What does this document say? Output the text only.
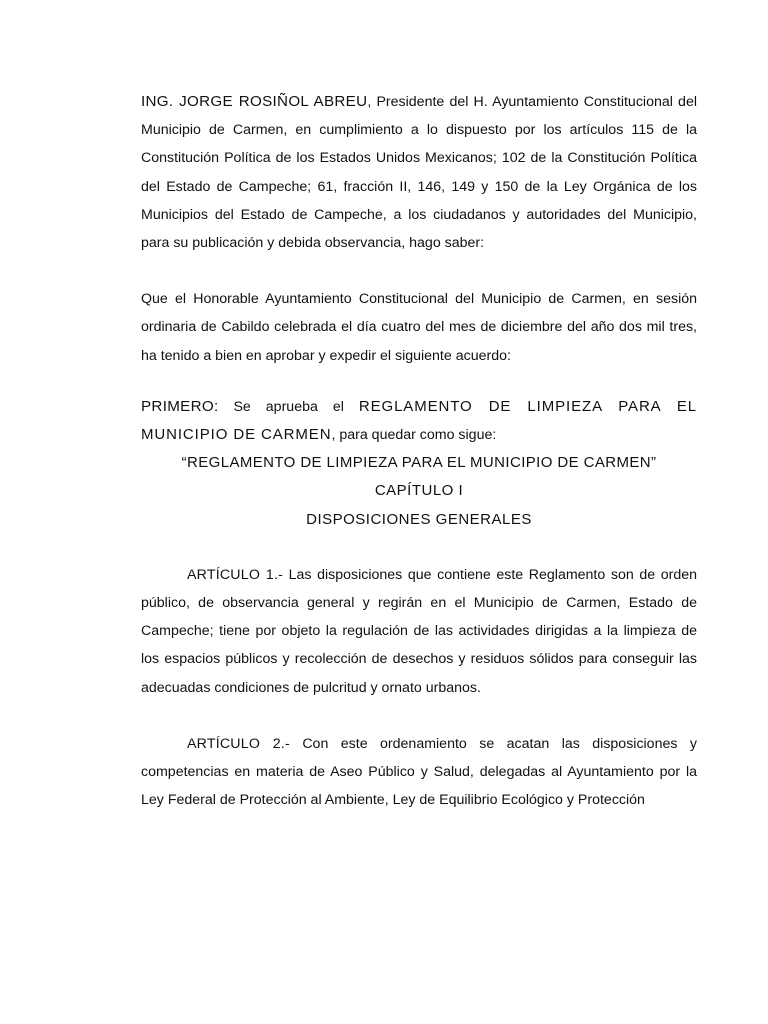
ING. JORGE ROSIÑOL ABREU, Presidente del H. Ayuntamiento Constitucional del Municipio de Carmen, en cumplimiento a lo dispuesto por los artículos 115 de la Constitución Política de los Estados Unidos Mexicanos; 102 de la Constitución Política del Estado de Campeche; 61, fracción II, 146, 149 y 150 de la Ley Orgánica de los Municipios del Estado de Campeche, a los ciudadanos y autoridades del Municipio, para su publicación y debida observancia, hago saber:

Que el Honorable Ayuntamiento Constitucional del Municipio de Carmen, en sesión ordinaria de Cabildo celebrada el día cuatro del mes de diciembre del año dos mil tres, ha tenido a bien en aprobar y expedir el siguiente acuerdo:

PRIMERO: Se aprueba el REGLAMENTO DE LIMPIEZA PARA EL MUNICIPIO DE CARMEN, para quedar como sigue:

“REGLAMENTO DE LIMPIEZA PARA EL MUNICIPIO DE CARMEN”

CAPÍTULO I

DISPOSICIONES GENERALES

ARTÍCULO 1.- Las disposiciones que contiene este Reglamento son de orden público, de observancia general y regirán en el Municipio de Carmen, Estado de Campeche; tiene por objeto la regulación de las actividades dirigidas a la limpieza de los espacios públicos y recolección de desechos y residuos sólidos para conseguir las adecuadas condiciones de pulcritud y ornato urbanos.

ARTÍCULO 2.- Con este ordenamiento se acatan las disposiciones y competencias en materia de Aseo Público y Salud, delegadas al Ayuntamiento por la Ley Federal de Protección al Ambiente, Ley de Equilibrio Ecológico y Protección
